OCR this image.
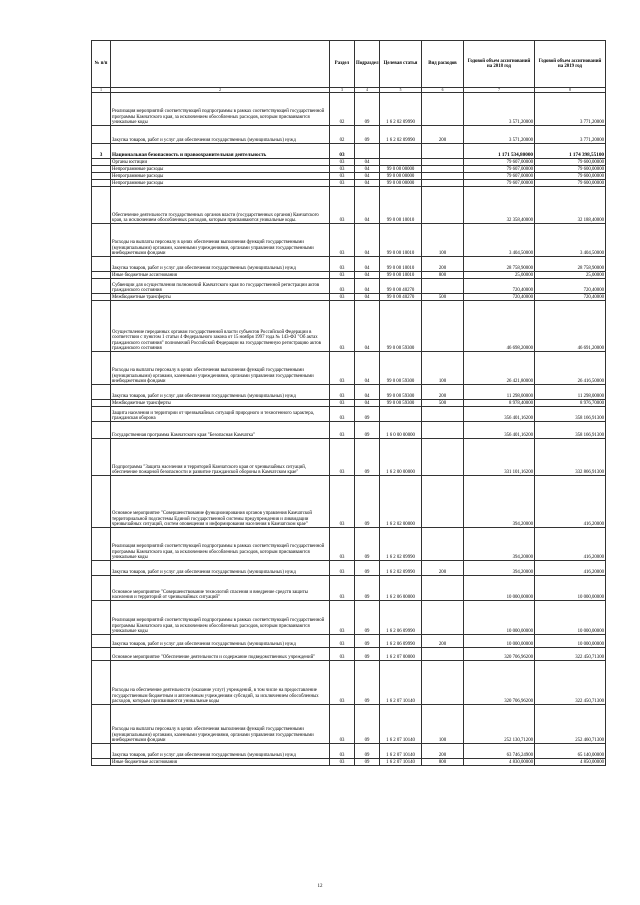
№ п/п		Раздел	Подраздел	Целевая статья	Вид расходов	Годовой объем ассигнований на 2018 год	Годовой объем ассигнований на 2019 год
1	2	3	4	5	6	7	8
	Реализация мероприятий соответствующей подпрограммы в рамках соответствующей государственной программы Камчатского края, за исключением обособленных расходов, которым присваиваются уникальные коды	02	09	1 6 2 02 09990		3 571,20000	3 771,20000
	Закупка товаров, работ и услуг для обеспечения государственных (муниципальных) нужд	02	09	1 6 2 02 09990	200	3 571,20000	3 771,20000
3	Национальная безопасность и правоохранительная деятельность	03				1 171 534,80000	1 174 398,55100
	Органы юстиции	03	04			79 607,00000	79 600,00000
	Непрограммные расходы	03	04	99 0 00 00000		79 607,00000	79 600,00000
	Непрограммные расходы	03	04	99 0 00 00000		79 607,00000	79 600,00000
	Непрограммные расходы	03	04	99 0 00 00000		79 607,00000	79 600,00000
	Обеспечение деятельности государственных органов власти (государственных органов) Камчатского края, за исключением обособленных расходов, которым присваиваются уникальные коды.	03	04	99 0 00 10010		32 358,40000	32 188,40000
	Расходы на выплаты персоналу в целях обеспечения выполнения функций государственными (муниципальными) органами, казенными учреждениями, органами управления государственными внебюджетными фондами	03	04	99 0 00 10010	100	3 404,50000	3 404,50000
	Закупка товаров, работ и услуг для обеспечения государственных (муниципальных) нужд	03	04	99 0 00 10010	200	28 758,90000	28 758,90000
	Иные бюджетные ассигнования	03	04	99 0 00 10010	800	25,00000	25,00000
	Субвенции для осуществления полномочий Камчатского края по государственной регистрации актов гражданского состояния	03	04	99 0 00 40270		720,40000	720,40000
	Межбюджетные трансферты	03	04	99 0 00 40270	500	720,40000	720,40000
	Осуществление переданных органам государственной власти субъектов Российской Федерации в соответствии с пунктом 1 статьи 4 Федерального закона от 15 ноября 1997 года № 143-ФЗ "Об актах гражданского состояния" полномочий Российской Федерации на государственную регистрацию актов гражданского состояния	03	04	99 0 00 59300		46 698,20000	46 691,20000
	Расходы на выплаты персоналу в целях обеспечения выполнения функций государственными (муниципальными) органами, казенными учреждениями, органами управления государственными внебюджетными фондами	03	04	99 0 00 59300	100	26 421,80000	26 416,50000
	Закупка товаров, работ и услуг для обеспечения государственных (муниципальных) нужд	03	04	99 0 00 59300	200	11 298,00000	11 298,00000
	Межбюджетные трансферты	03	04	99 0 00 59300	500	8 978,40000	8 976,70000
	Защита населения и территории от чрезвычайных ситуаций природного и техногенного характера, гражданская оборона	03	09			356 401,16200	358 166,91300
	Государственная программа Камчатского края "Безопасная Камчатка"	03	09	1 6 0 00 00000		356 401,16200	358 166,91300
	Подпрограмма "Защита населения и территорий Камчатского края от чрезвычайных ситуаций, обеспечение пожарной безопасности и развитие гражданской обороны в Камчатском крае"	03	09	1 6 2 00 00000		331 101,16200	332 866,91300
	Основное мероприятие "Совершенствование функционирования органов управления Камчатской территориальной подсистемы Единой государственной системы предупреждения и ликвидации чрезвычайных ситуаций, систем оповещения и информирования населения в Камчатском крае"	03	09	1 6 2 02 00000		394,20000	416,20000
	Реализация мероприятий соответствующей подпрограммы в рамках соответствующей государственной программы Камчатского края, за исключением обособленных расходов, которым присваиваются уникальные коды	03	09	1 6 2 02 09990		394,20000	416,20000
	Закупка товаров, работ и услуг для обеспечения государственных (муниципальных) нужд	03	09	1 6 2 02 09990	200	394,20000	416,20000
	Основное мероприятие "Совершенствование технологий спасения и внедрение средств защиты населения и территорий от чрезвычайных ситуаций"	03	09	1 6 2 06 00000		10 000,00000	10 000,00000
	Реализация мероприятий соответствующей подпрограммы в рамках соответствующей государственной программы Камчатского края, за исключением обособленных расходов, которым присваиваются уникальные коды	03	09	1 6 2 06 09990		10 000,00000	10 000,00000
	Закупка товаров, работ и услуг для обеспечения государственных (муниципальных) нужд	03	09	1 6 2 06 09990	200	10 000,00000	10 000,00000
	Основное мероприятие "Обеспечение деятельности и содержание подведомственных учреждений"	03	09	1 6 2 07 00000		320 706,96200	322 450,71300
	Расходы на обеспечение деятельности (оказание услуг) учреждений, в том числе на предоставление государственным бюджетным и автономным учреждениям субсидий, за исключением обособленных расходов, которым присваиваются уникальные коды	03	09	1 6 2 07 10140		320 706,96200	322 450,71300
	Расходы на выплаты персоналу в целях обеспечения выполнения функций государственными (муниципальными) органами, казенными учреждениями, органами управления государственными внебюджетными фондами	03	09	1 6 2 07 10140	100	252 130,71200	252 460,71300
	Закупка товаров, работ и услуг для обеспечения государственных (муниципальных) нужд	03	09	1 6 2 07 10140	200	63 746,24900	65 140,00000
	Иные бюджетные ассигнования	03	09	1 6 2 07 10140	800	4 830,00000	4 850,00000
12
